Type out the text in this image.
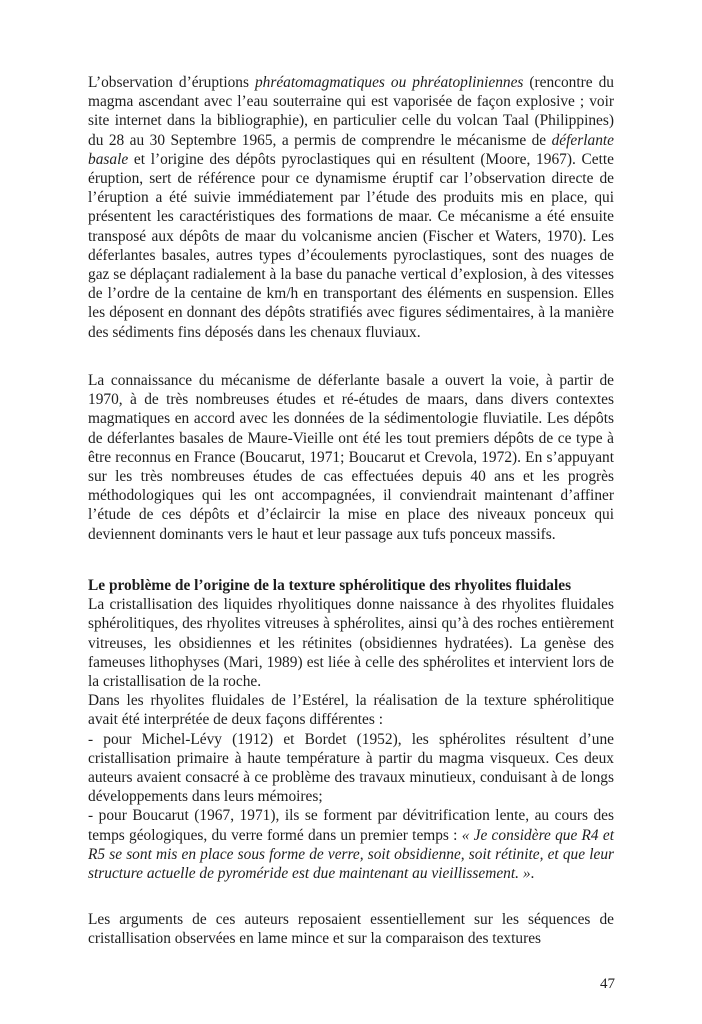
L’observation d’éruptions phréatomagmatiques ou phréatopliniennes (rencontre du magma ascendant avec l’eau souterraine qui est vaporisée de façon explosive ; voir site internet dans la bibliographie), en particulier celle du volcan Taal (Philippines) du 28 au 30 Septembre 1965, a permis de comprendre le mécanisme de déferlante basale et l’origine des dépôts pyroclastiques qui en résultent (Moore, 1967). Cette éruption, sert de référence pour ce dynamisme éruptif car l’observation directe de l’éruption a été suivie immédiatement par l’étude des produits mis en place, qui présentent les caractéristiques des formations de maar. Ce mécanisme a été ensuite transposé aux dépôts de maar du volcanisme ancien (Fischer et Waters, 1970). Les déferlantes basales, autres types d’écoulements pyroclastiques, sont des nuages de gaz se déplaçant radialement à la base du panache vertical d’explosion, à des vitesses de l’ordre de la centaine de km/h en transportant des éléments en suspension. Elles les déposent en donnant des dépôts stratifiés avec figures sédimentaires, à la manière des sédiments fins déposés dans les chenaux fluviaux.

La connaissance du mécanisme de déferlante basale a ouvert la voie, à partir de 1970, à de très nombreuses études et ré-études de maars, dans divers contextes magmatiques en accord avec les données de la sédimentologie fluviatile. Les dépôts de déferlantes basales de Maure-Vieille ont été les tout premiers dépôts de ce type à être reconnus en France (Boucarut, 1971; Boucarut et Crevola, 1972). En s’appuyant sur les très nombreuses études de cas effectuées depuis 40 ans et les progrès méthodologiques qui les ont accompagnées, il conviendrait maintenant d’affiner l’étude de ces dépôts et d’éclaircir la mise en place des niveaux ponceux qui deviennent dominants vers le haut et leur passage aux tufs ponceux massifs.

Le problème de l’origine de la texture sphérolitique des rhyolites fluidales

La cristallisation des liquides rhyolitiques donne naissance à des rhyolites fluidales sphérolitiques, des rhyolites vitreuses à sphérolites, ainsi qu’à des roches entièrement vitreuses, les obsidiennes et les rétinites (obsidiennes hydratées). La genèse des fameuses lithophyses (Mari, 1989) est liée à celle des sphérolites et intervient lors de la cristallisation de la roche.

Dans les rhyolites fluidales de l’Estérel, la réalisation de la texture sphérolitique avait été interprétée de deux façons différentes :

- pour Michel-Lévy (1912) et Bordet (1952), les sphérolites résultent d’une cristallisation primaire à haute température à partir du magma visqueux. Ces deux auteurs avaient consacré à ce problème des travaux minutieux, conduisant à de longs développements dans leurs mémoires;

- pour Boucarut (1967, 1971), ils se forment par dévitrification lente, au cours des temps géologiques, du verre formé dans un premier temps : « Je considère que R4 et R5 se sont mis en place sous forme de verre, soit obsidienne, soit rétinite, et que leur structure actuelle de pyroméride est due maintenant au vieillissement. ».

Les arguments de ces auteurs reposaient essentiellement sur les séquences de cristallisation observées en lame mince et sur la comparaison des textures

47
